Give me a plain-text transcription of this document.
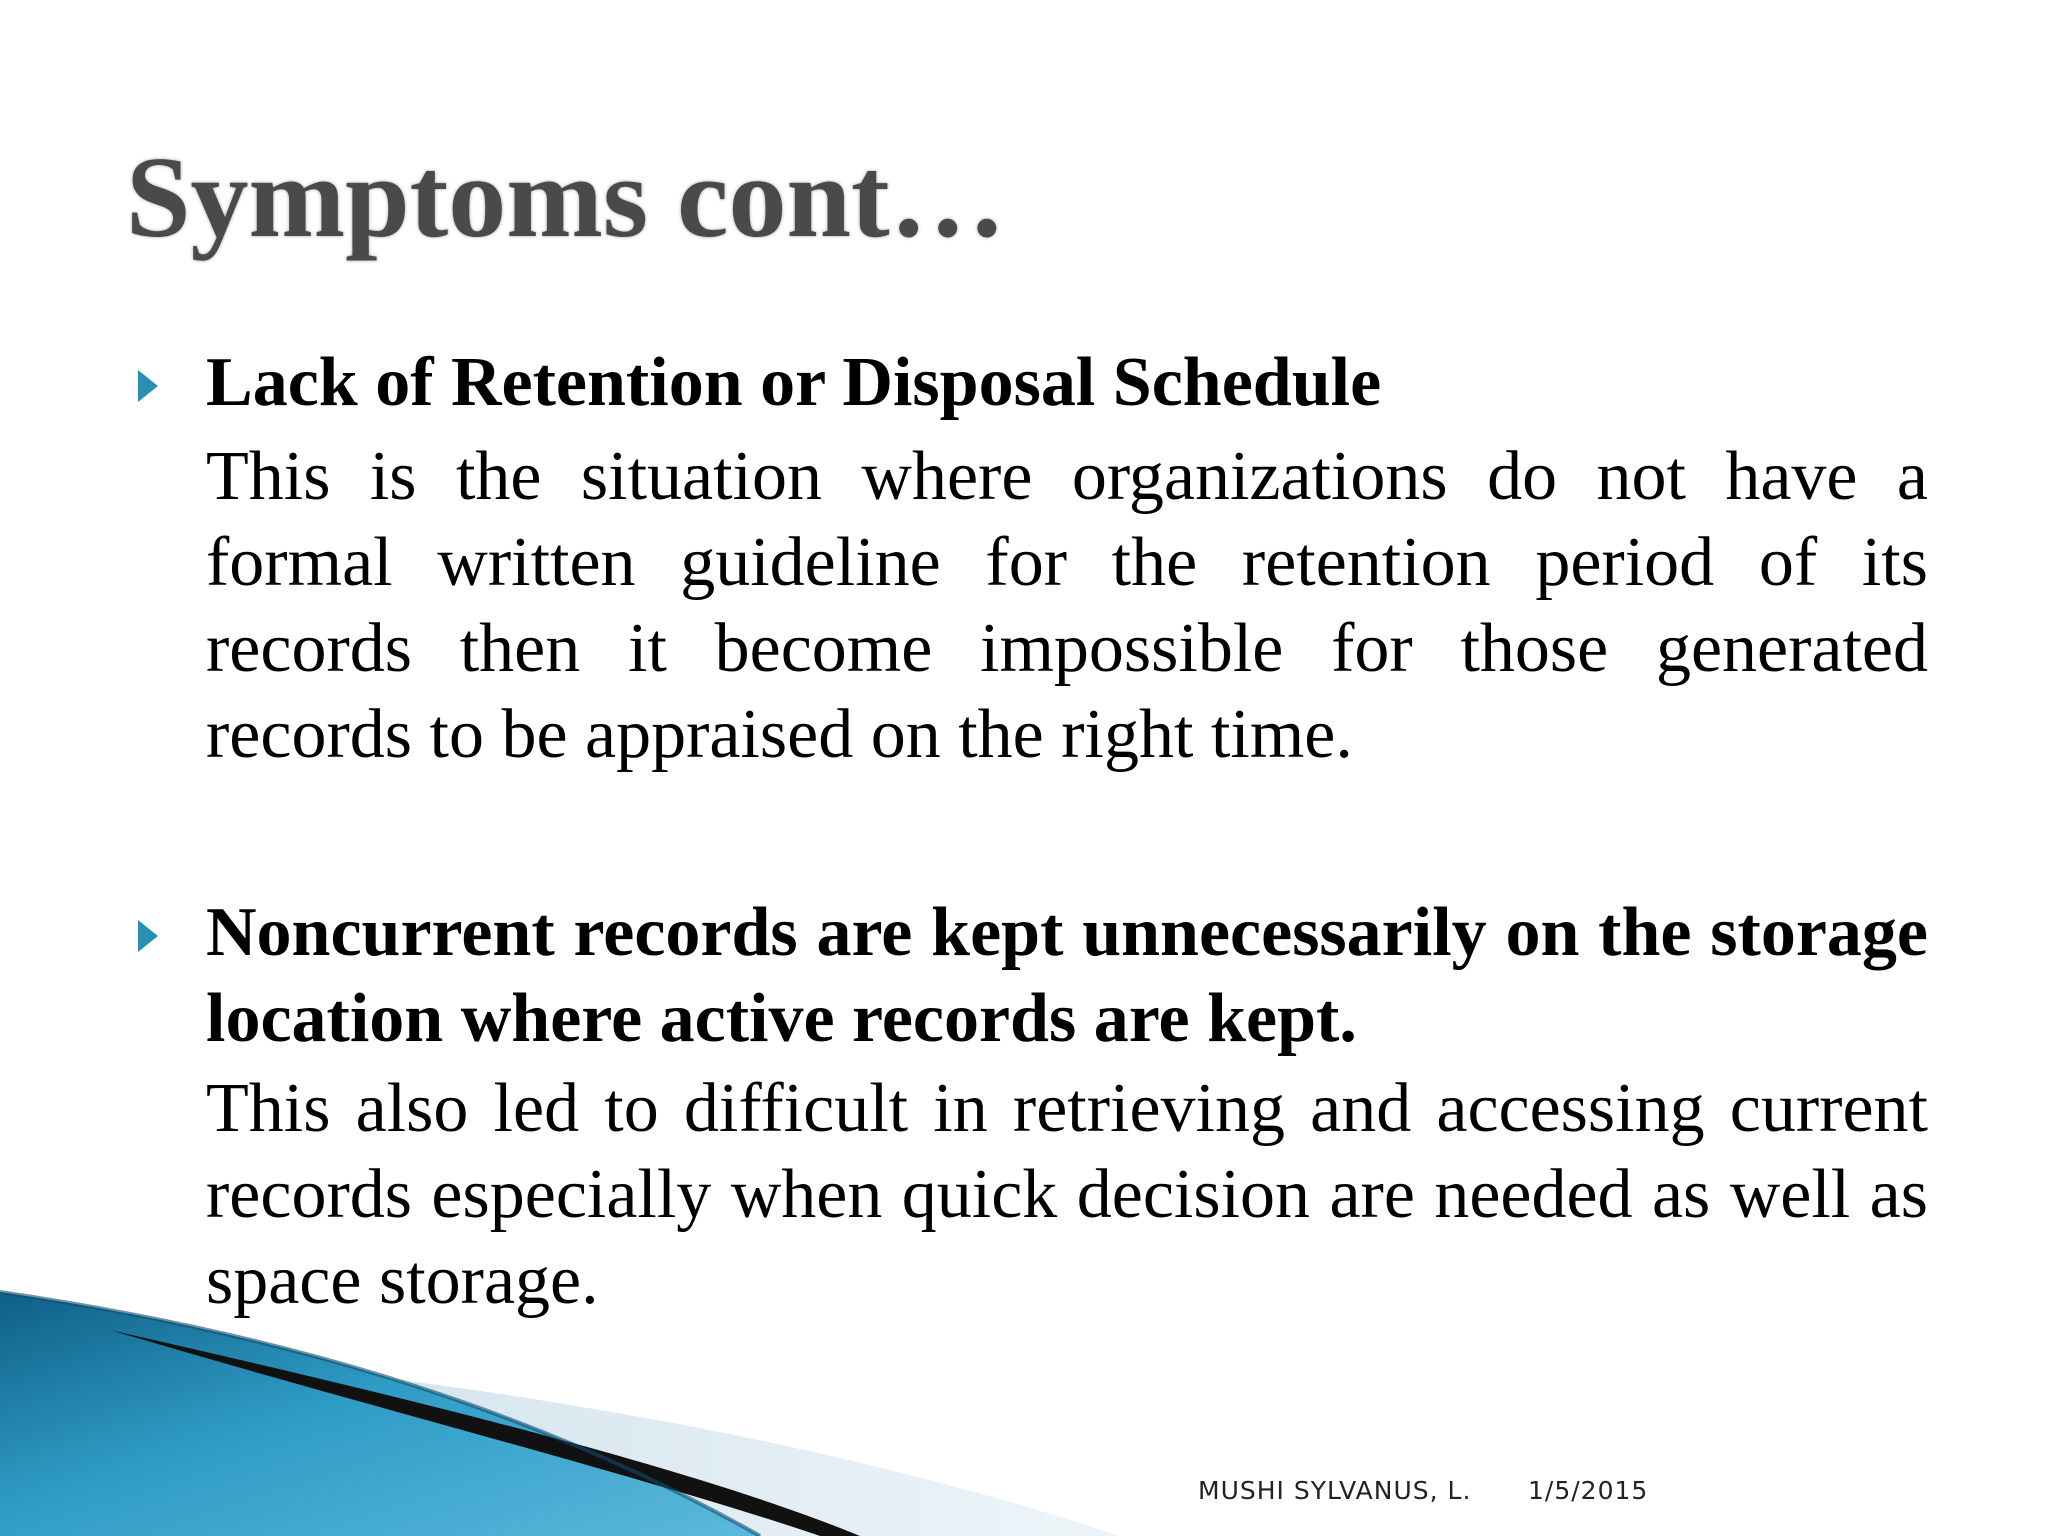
Symptoms cont…

Lack of Retention or Disposal Schedule

This is the situation where organizations do not have a formal written guideline for the retention period of its records then it become impossible for those generated records to be appraised on the right time.

Noncurrent records are kept unnecessarily on the storage location where active records are kept.

This also led to difficult in retrieving and accessing current records especially when quick decision are needed as well as space storage.

MUSHI SYLVANUS, L. 1/5/2015
